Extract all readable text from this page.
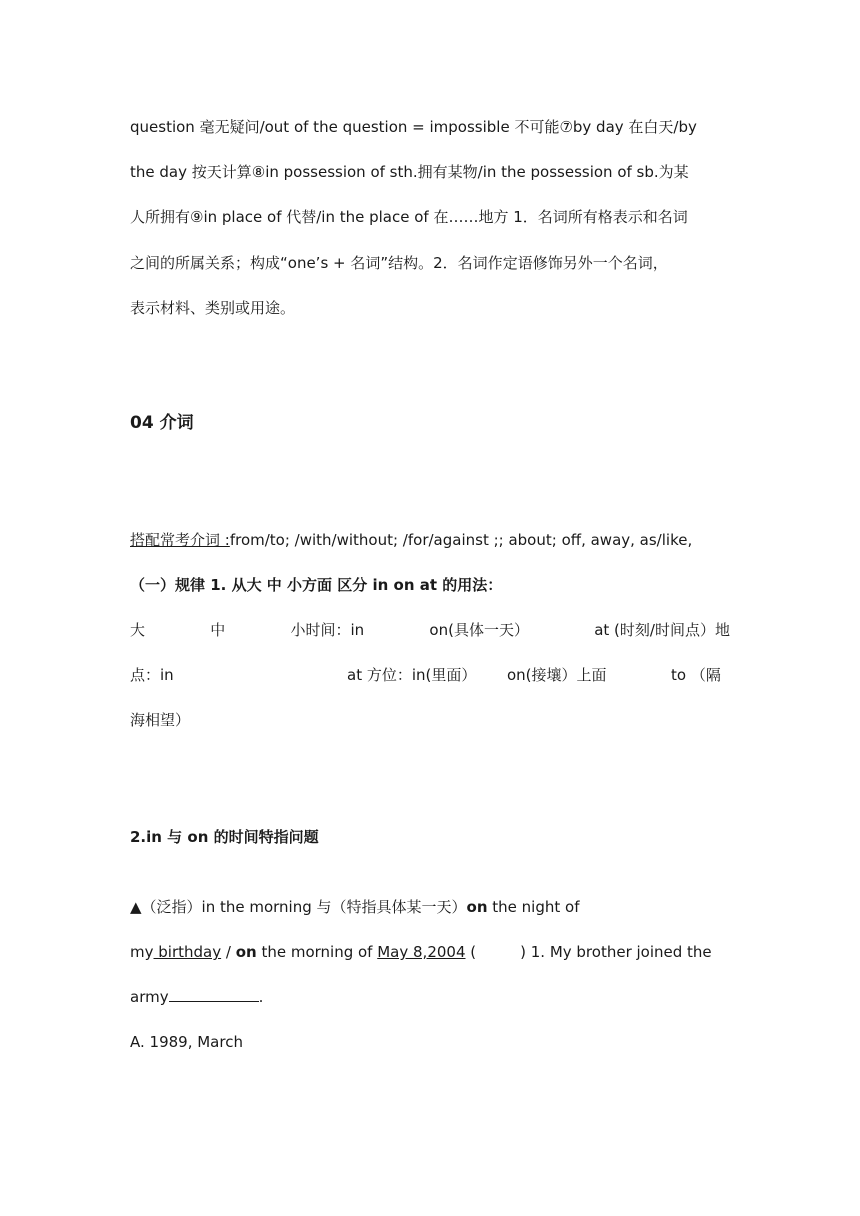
question 毫无疑问/out of the question = impossible 不可能⑦by day 在白天/by
the day 按天计算⑧in possession of sth.拥有某物/in the possession of sb.为某
人所拥有⑨in place of 代替/in the place of 在……地方 1．名词所有格表示和名词
之间的所属关系；构成“one’s + 名词”结构。2．名词作定语修饰另外一个名词，
表示材料、类别或用途。
04 介词
搭配常考介词 :from/to; /with/without; /for/against ;; about; off, away, as/like,
（一）规律 1. 从大 中 小方面 区分 in on at 的用法：
大	中	小时间：in	on(具体一天）	at (时刻/时间点）地
点：in	at 方位：in(里面） on(接壤）上面	to （隔
海相望）
2.in 与 on 的时间特指问题
▲（泛指）in the morning 与（特指具体某一天）on the night of
my birthday / on the morning of May 8,2004 (	) 1. My brother joined the
army	.
A. 1989, March
